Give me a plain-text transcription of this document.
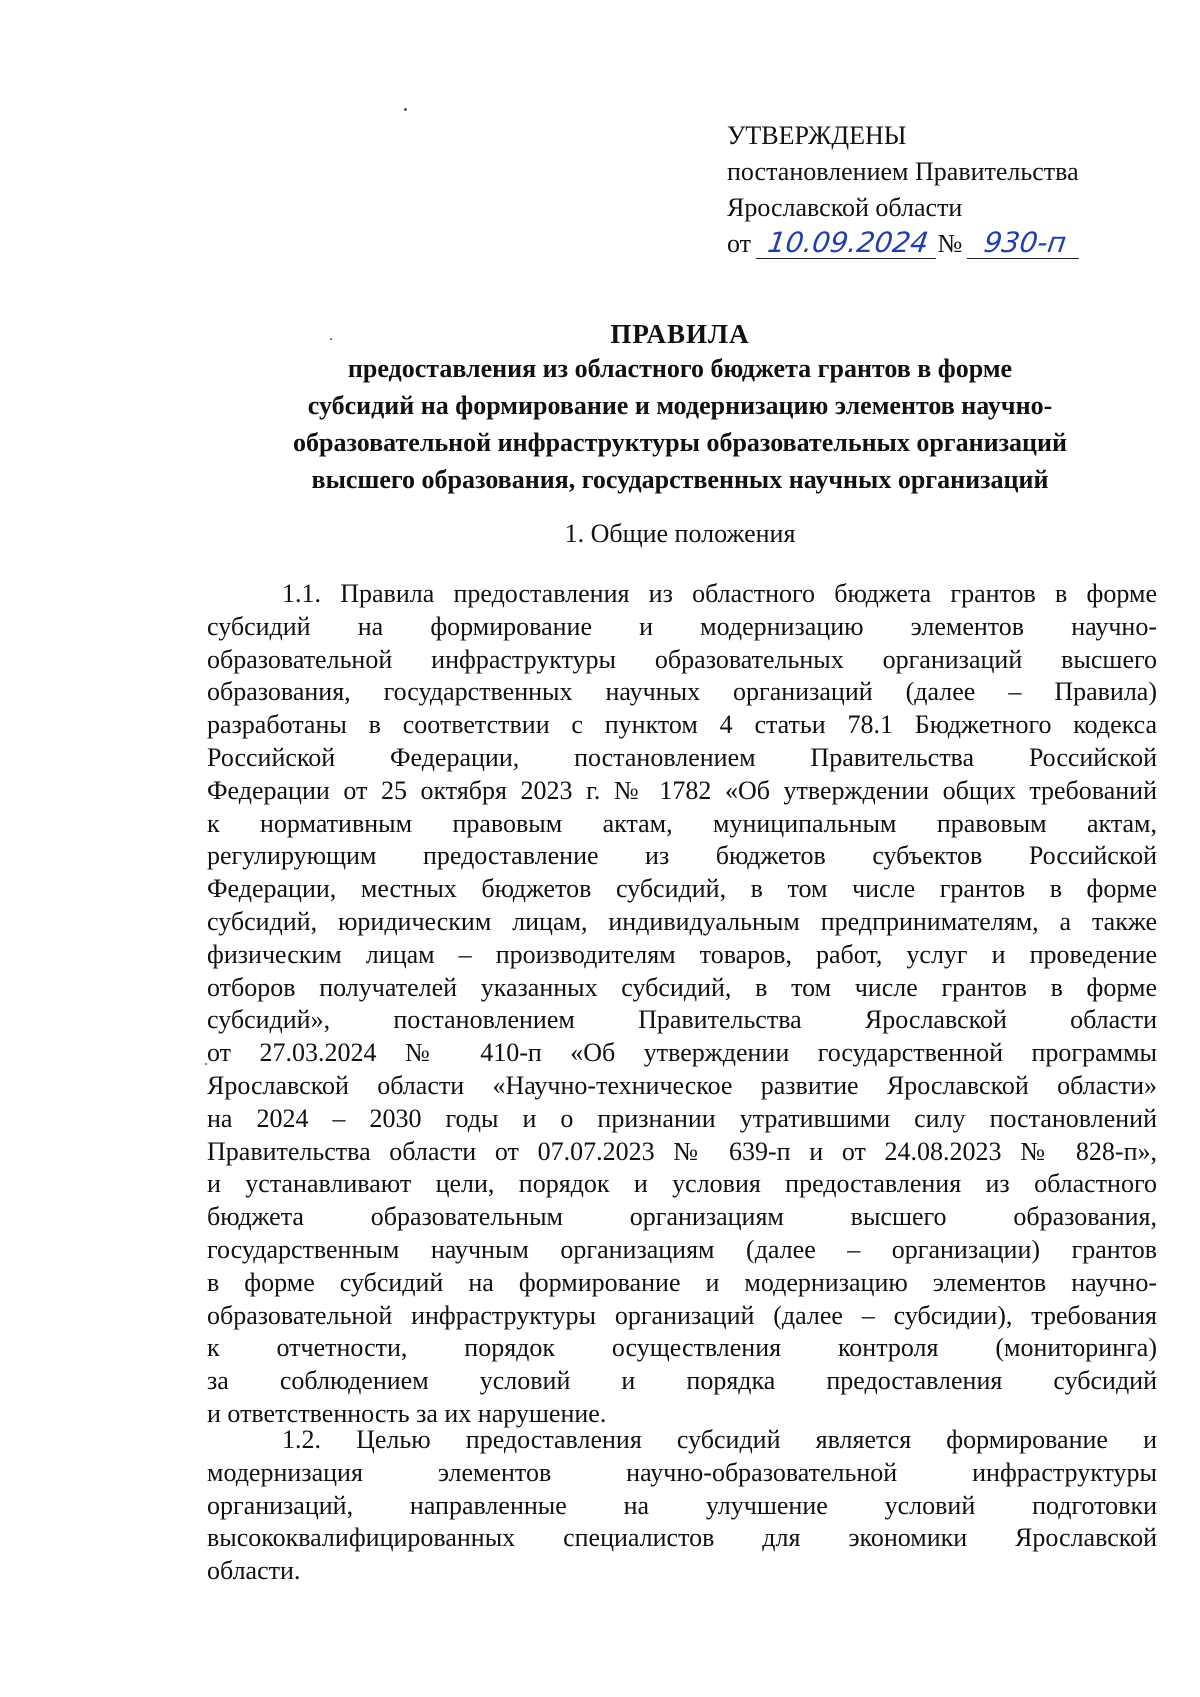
УТВЕРЖДЕНЫ
постановлением Правительства
Ярославской области
от 10.09.2024 № 930-п
ПРАВИЛА
предоставления из областного бюджета грантов в форме
субсидий на формирование и модернизацию элементов научно-
образовательной инфраструктуры образовательных организаций
высшего образования, государственных научных организаций
1. Общие положения
1.1. Правила предоставления из областного бюджета грантов в форме
субсидий на формирование и модернизацию элементов научно-
образовательной инфраструктуры образовательных организаций высшего
образования, государственных научных организаций (далее – Правила)
разработаны в соответствии с пунктом 4 статьи 78.1 Бюджетного кодекса
Российской Федерации, постановлением Правительства Российской
Федерации от 25 октября 2023 г. № 1782 «Об утверждении общих требований
к нормативным правовым актам, муниципальным правовым актам,
регулирующим предоставление из бюджетов субъектов Российской
Федерации, местных бюджетов субсидий, в том числе грантов в форме
субсидий, юридическим лицам, индивидуальным предпринимателям, а также
физическим лицам – производителям товаров, работ, услуг и проведение
отборов получателей указанных субсидий, в том числе грантов в форме
субсидий», постановлением Правительства Ярославской области
от 27.03.2024 № 410-п «Об утверждении государственной программы
Ярославской области «Научно-техническое развитие Ярославской области»
на 2024 – 2030 годы и о признании утратившими силу постановлений
Правительства области от 07.07.2023 № 639-п и от 24.08.2023 № 828-п»,
и устанавливают цели, порядок и условия предоставления из областного
бюджета образовательным организациям высшего образования,
государственным научным организациям (далее – организации) грантов
в форме субсидий на формирование и модернизацию элементов научно-
образовательной инфраструктуры организаций (далее – субсидии), требования
к отчетности, порядок осуществления контроля (мониторинга)
за соблюдением условий и порядка предоставления субсидий
и ответственность за их нарушение.
1.2. Целью предоставления субсидий является формирование и
модернизация элементов научно-образовательной инфраструктуры
организаций, направленные на улучшение условий подготовки
высококвалифицированных специалистов для экономики Ярославской
области.
